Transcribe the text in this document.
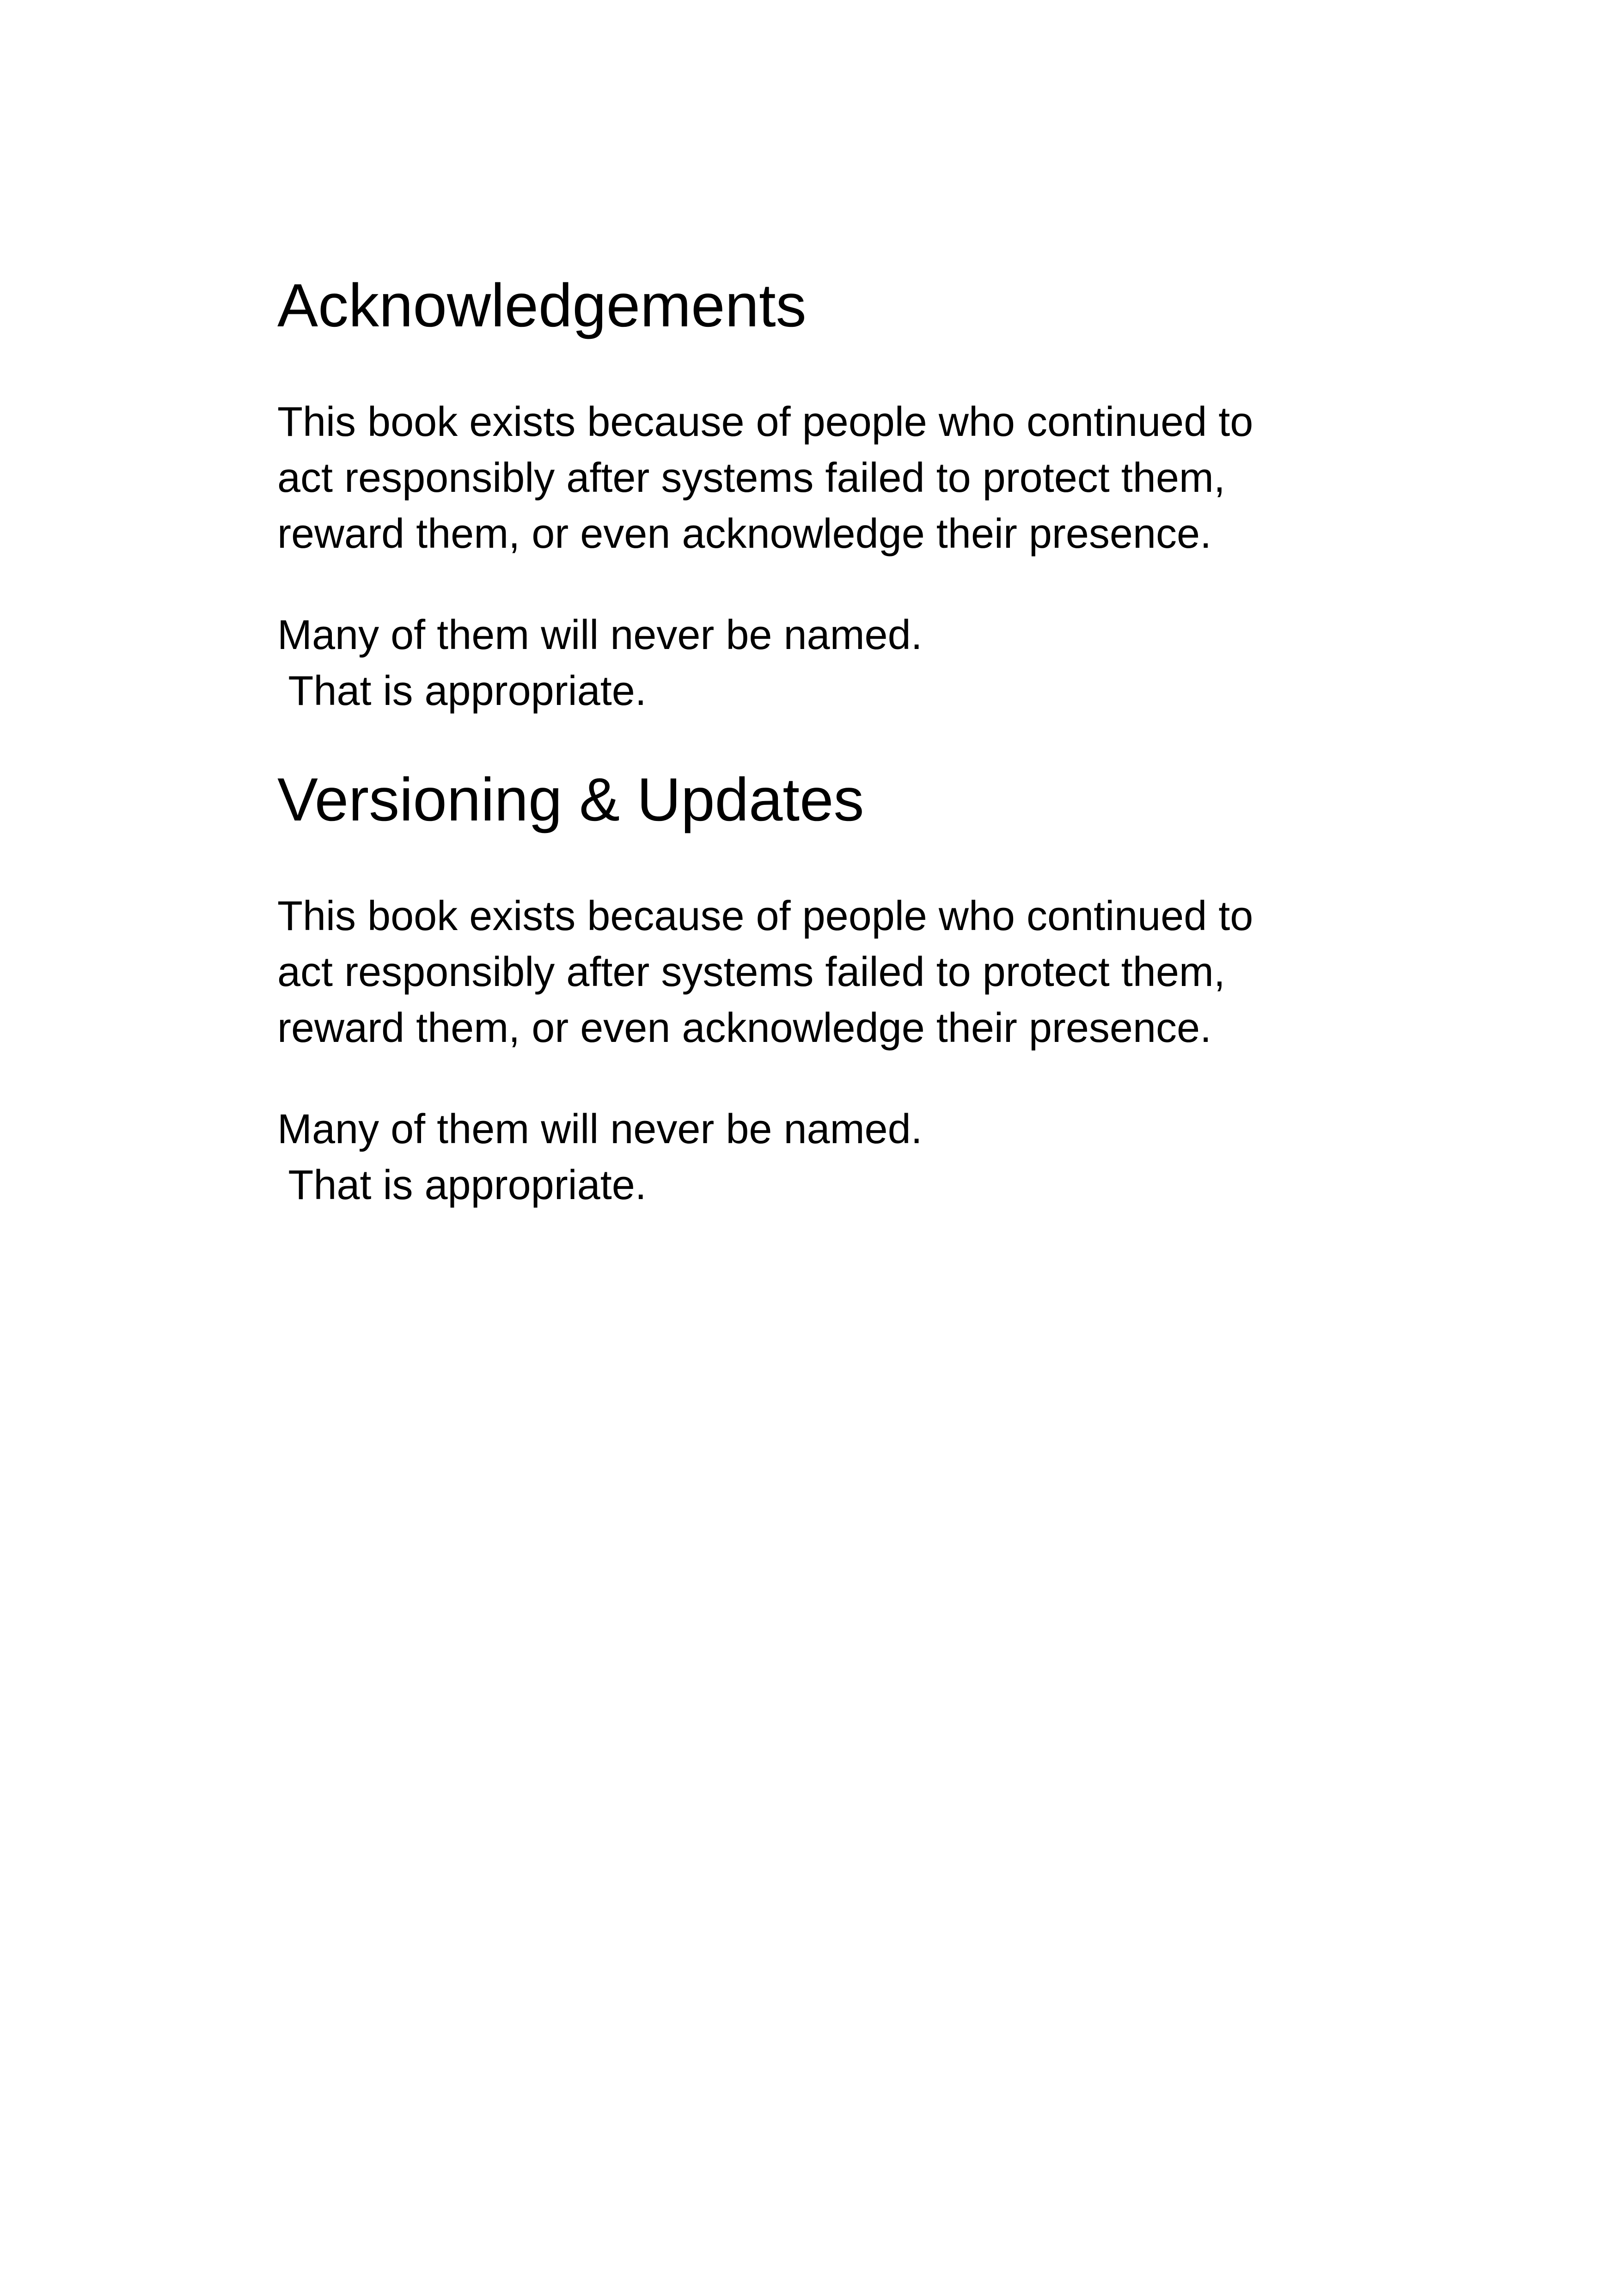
Acknowledgements

This book exists because of people who continued to
act responsibly after systems failed to protect them,
reward them, or even acknowledge their presence.

Many of them will never be named.
That is appropriate.

Versioning & Updates

This book exists because of people who continued to
act responsibly after systems failed to protect them,
reward them, or even acknowledge their presence.

Many of them will never be named.
That is appropriate.
